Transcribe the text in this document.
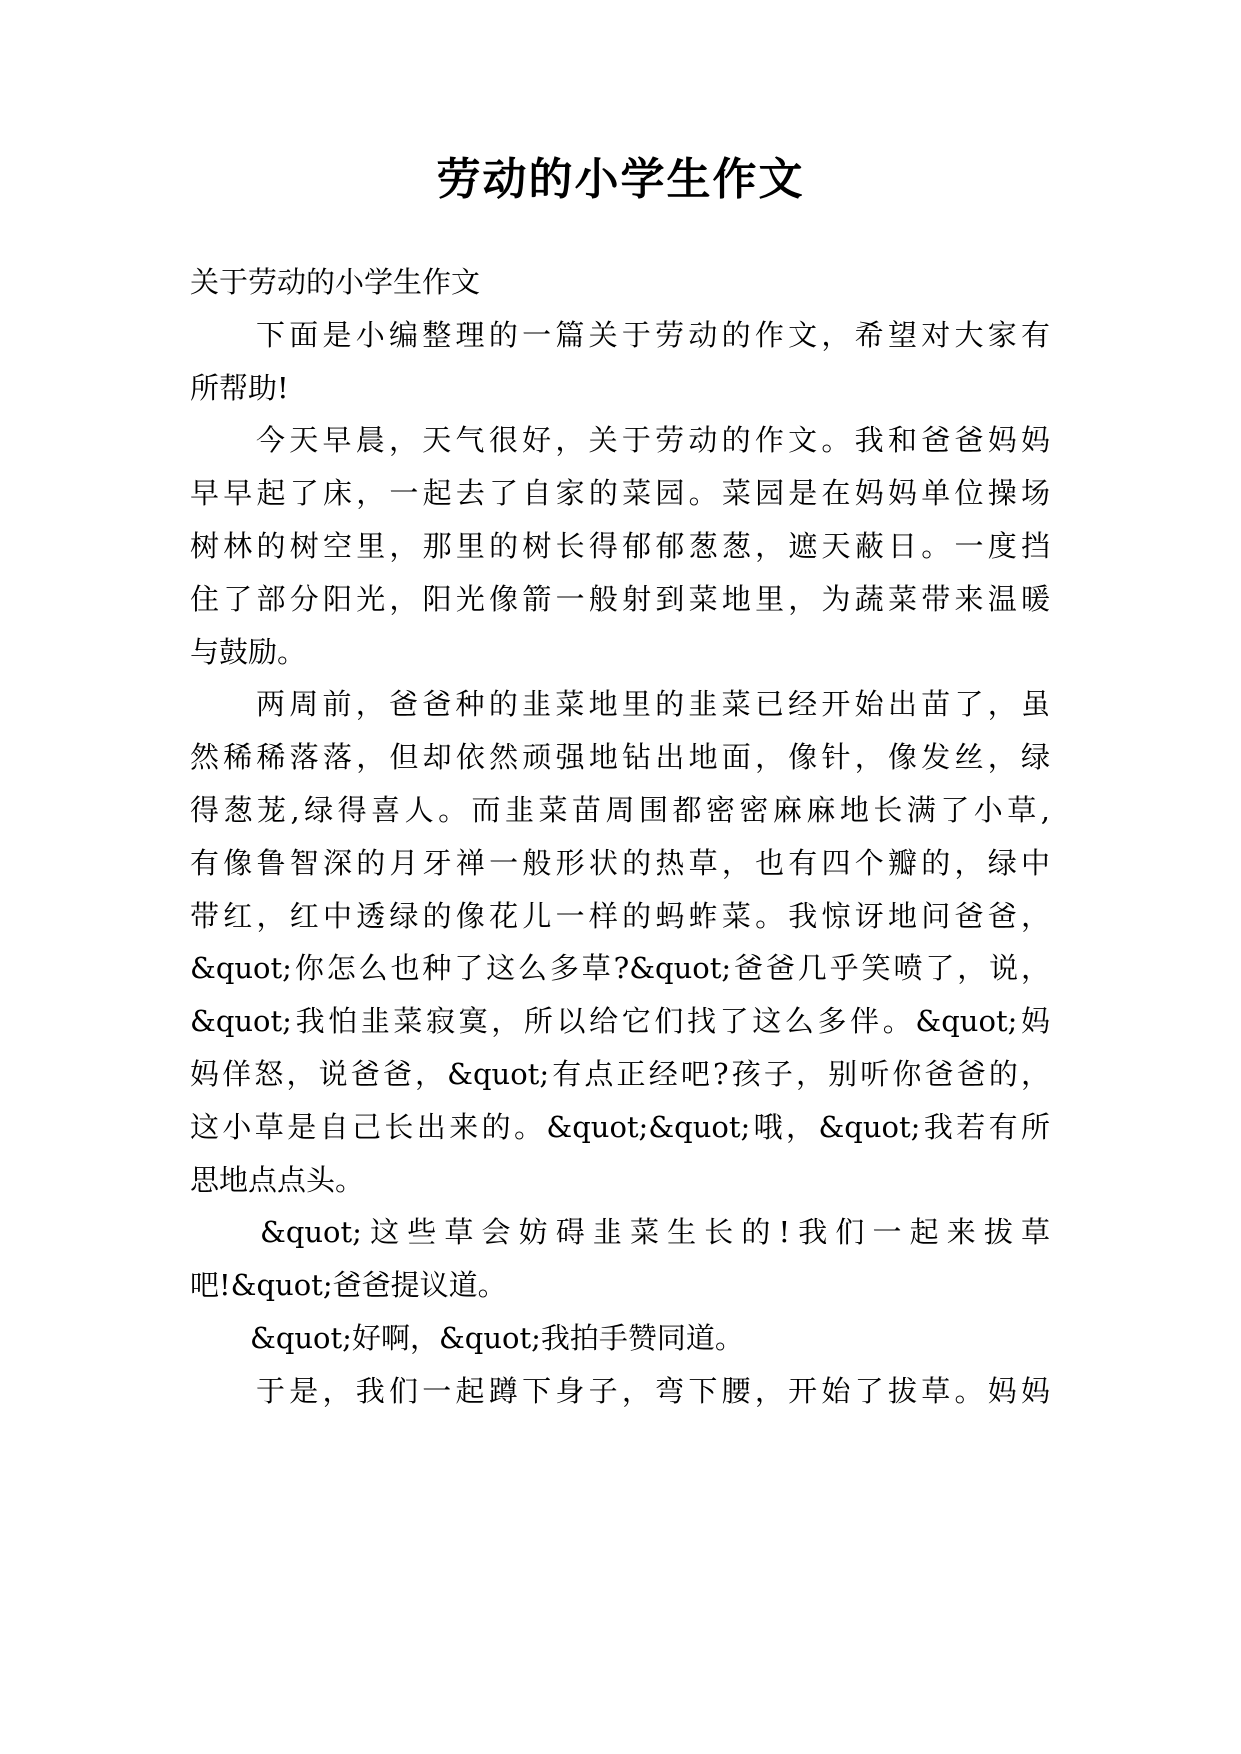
劳动的小学生作文
关于劳动的小学生作文
下面是小编整理的一篇关于劳动的作文，希望对大家有
所帮助!
今天早晨，天气很好，关于劳动的作文。我和爸爸妈妈
早早起了床，一起去了自家的菜园。菜园是在妈妈单位操场
树林的树空里，那里的树长得郁郁葱葱，遮天蔽日。一度挡
住了部分阳光，阳光像箭一般射到菜地里，为蔬菜带来温暖
与鼓励。
两周前，爸爸种的韭菜地里的韭菜已经开始出苗了，虽
然稀稀落落，但却依然顽强地钻出地面，像针，像发丝，绿
得葱茏,绿得喜人。而韭菜苗周围都密密麻麻地长满了小草,
有像鲁智深的月牙禅一般形状的热草，也有四个瓣的，绿中
带红，红中透绿的像花儿一样的蚂蚱菜。我惊讶地问爸爸，
&quot;你怎么也种了这么多草?&quot;爸爸几乎笑喷了，说，
&quot;我怕韭菜寂寞，所以给它们找了这么多伴。&quot;妈
妈佯怒，说爸爸，&quot;有点正经吧?孩子，别听你爸爸的，
这小草是自己长出来的。&quot;&quot;哦，&quot;我若有所
思地点点头。
&quot;这些草会妨碍韭菜生长的!我们一起来拔草
吧!&quot;爸爸提议道。
&quot;好啊，&quot;我拍手赞同道。
于是，我们一起蹲下身子，弯下腰，开始了拔草。妈妈
